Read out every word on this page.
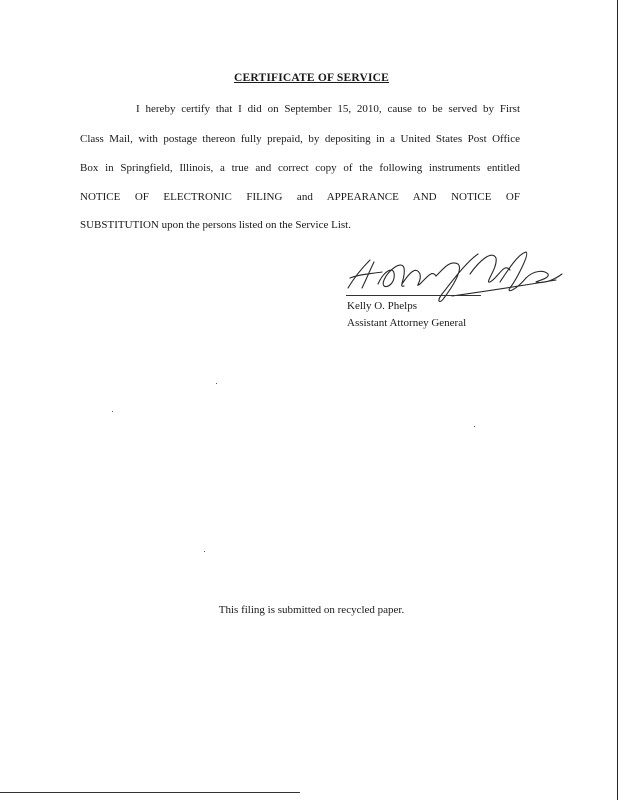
CERTIFICATE OF SERVICE
I hereby certify that I did on September 15, 2010, cause to be served by First
Class Mail, with postage thereon fully prepaid, by depositing in a United States Post Office
Box in Springfield, Illinois, a true and correct copy of the following instruments entitled
NOTICE OF ELECTRONIC FILING and APPEARANCE AND NOTICE OF
SUBSTITUTION upon the persons listed on the Service List.
Kelly O. Phelps
Assistant Attorney General
This filing is submitted on recycled paper.
